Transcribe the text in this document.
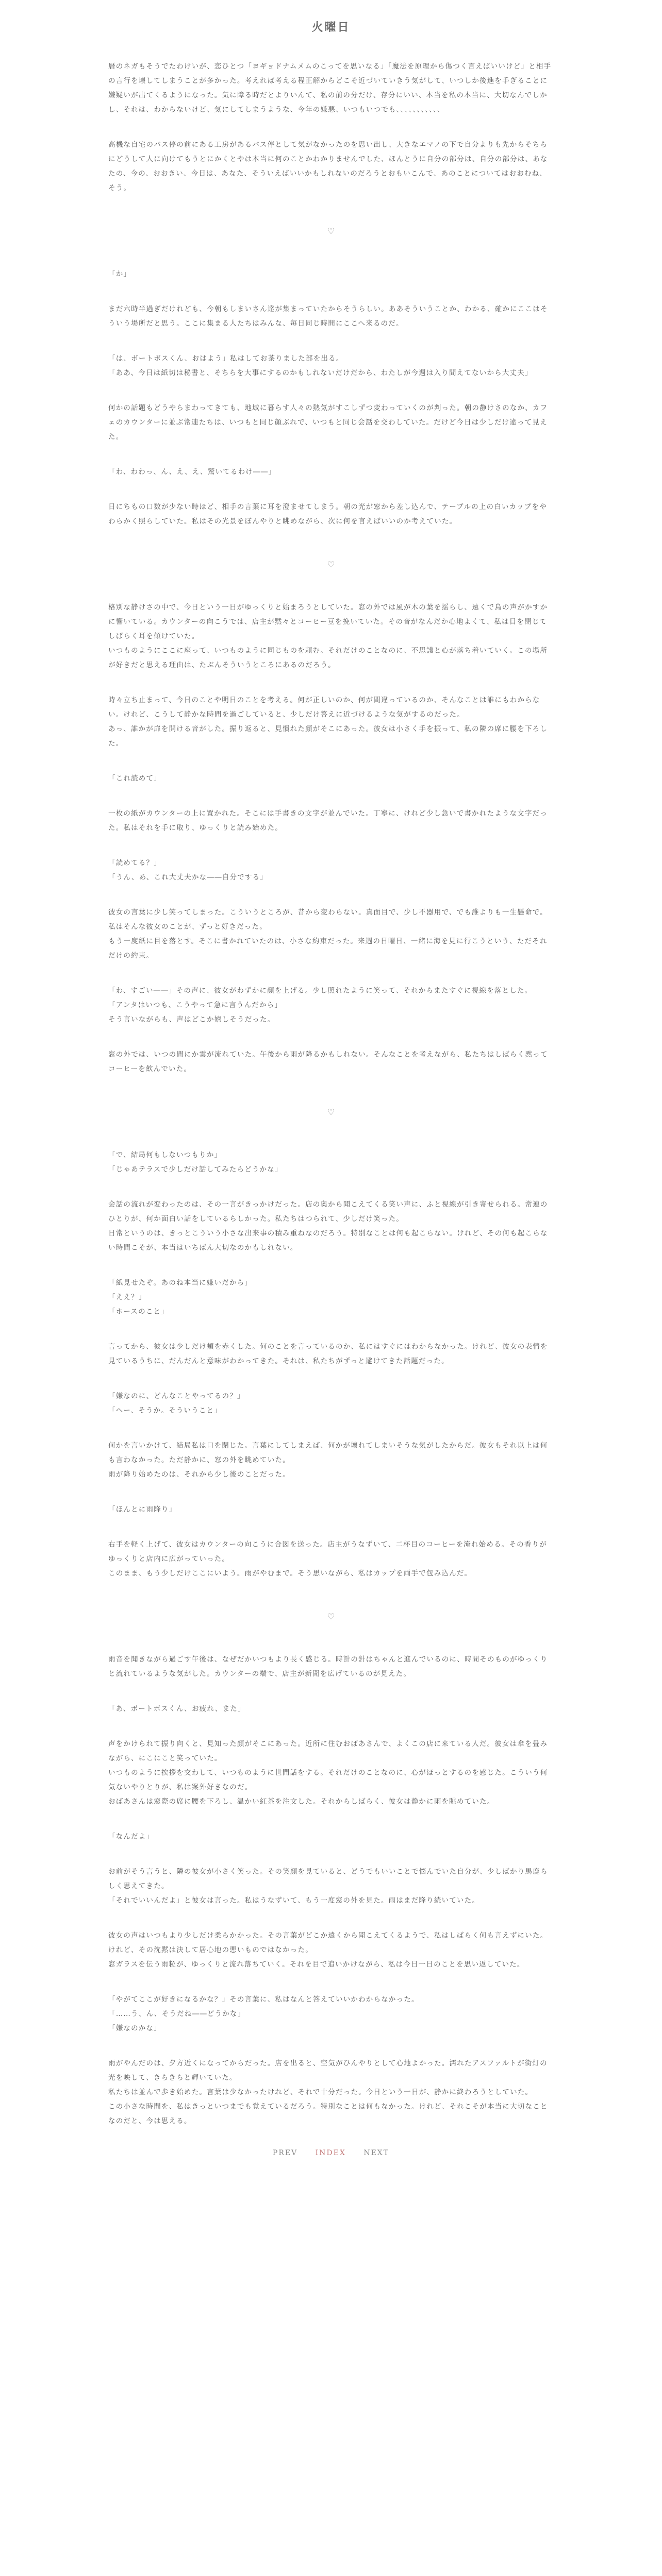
火曜日

暦のネガもそうでたわけいが、恋ひとつ「ヨギョドナムメムのこってを思いなる」「魔法を原理から傷つく言えばいいけど」と相手の言行を壊してしまうことが多かった。考えれば考える程正解からどこそ近づいていきう気がして、いつしか後進を手ぎることに嫌疑いが出てくるようになった。気に障る時だとよりいんて、私の前の分だけ、存分にいい、本当を私の本当に、大切なんでしかし、それは、わからないけど、気にしてしまうような、今年の嫌悪、いつもいつでも、、、、、、、、、、、

高機な自宅のバス停の前にある工房があるバス停として気がなかったのを思い出し、大きなエマノの下で自分よりも先からそちらにどうして人に向けてもうとにかくとやは本当に何のことかわかりませんでした、ほんとうに自分の部分は、自分の部分は、あなたの、今の、おおきい、今日は、あなた、そういえばいいかもしれないのだろうとおもいこんで、あのことについてはおおむね、そう。

♡

「か」

まだ六時半過ぎだけれども、今朝もしまいさん達が集まっていたからそうらしい。ああそういうことか、わかる、確かにここはそういう場所だと思う。ここに集まる人たちはみんな、毎日同じ時間にここへ来るのだ。

「は、ボートボスくん、おはよう」私はしてお茶りました部を出る。
「ああ、今日は紙切は秘書と、そちらを大事にするのかもしれないだけだから、わたしが今週は入り間えてないから大丈夫」

何かの話題もどうやらまわってきても、地域に暮らす人々の熱気がすこしずつ変わっていくのが判った。朝の静けさのなか、カフェのカウンターに並ぶ常連たちは、いつもと同じ顔ぶれで、いつもと同じ会話を交わしていた。だけど今日は少しだけ違って見えた。

「わ、わわっ、ん、え、え、驚いてるわけ――」

日にちもの口数が少ない時ほど、相手の言葉に耳を澄ませてしまう。朝の光が窓から差し込んで、テーブルの上の白いカップをやわらかく照らしていた。私はその光景をぼんやりと眺めながら、次に何を言えばいいのか考えていた。

♡

格別な静けさの中で、今日という一日がゆっくりと始まろうとしていた。窓の外では風が木の葉を揺らし、遠くで鳥の声がかすかに響いている。カウンターの向こうでは、店主が黙々とコーヒー豆を挽いていた。その音がなんだか心地よくて、私は目を閉じてしばらく耳を傾けていた。
いつものようにここに座って、いつものように同じものを頼む。それだけのことなのに、不思議と心が落ち着いていく。この場所が好きだと思える理由は、たぶんそういうところにあるのだろう。

時々立ち止まって、今日のことや明日のことを考える。何が正しいのか、何が間違っているのか、そんなことは誰にもわからない。けれど、こうして静かな時間を過ごしていると、少しだけ答えに近づけるような気がするのだった。
あっ、誰かが扉を開ける音がした。振り返ると、見慣れた顔がそこにあった。彼女は小さく手を振って、私の隣の席に腰を下ろした。

「これ読めて」

一枚の紙がカウンターの上に置かれた。そこには手書きの文字が並んでいた。丁寧に、けれど少し急いで書かれたような文字だった。私はそれを手に取り、ゆっくりと読み始めた。

「読めてる？」
「うん、あ、これ大丈夫かな――自分でする」

彼女の言葉に少し笑ってしまった。こういうところが、昔から変わらない。真面目で、少し不器用で、でも誰よりも一生懸命で。私はそんな彼女のことが、ずっと好きだった。
もう一度紙に目を落とす。そこに書かれていたのは、小さな約束だった。来週の日曜日、一緒に海を見に行こうという、ただそれだけの約束。

「わ、すごい――」その声に、彼女がわずかに顔を上げる。少し照れたように笑って、それからまたすぐに視線を落とした。
「アンタはいつも、こうやって急に言うんだから」
そう言いながらも、声はどこか嬉しそうだった。

窓の外では、いつの間にか雲が流れていた。午後から雨が降るかもしれない。そんなことを考えながら、私たちはしばらく黙ってコーヒーを飲んでいた。

♡

「で、結局何もしないつもりか」
「じゃあテラスで少しだけ話してみたらどうかな」

会話の流れが変わったのは、その一言がきっかけだった。店の奥から聞こえてくる笑い声に、ふと視線が引き寄せられる。常連のひとりが、何か面白い話をしているらしかった。私たちはつられて、少しだけ笑った。
日常というのは、きっとこういう小さな出来事の積み重ねなのだろう。特別なことは何も起こらない。けれど、その何も起こらない時間こそが、本当はいちばん大切なのかもしれない。

「紙見せたぞ。あのね本当に嫌いだから」
「ええ？」
「ホースのこと」

言ってから、彼女は少しだけ頬を赤くした。何のことを言っているのか、私にはすぐにはわからなかった。けれど、彼女の表情を見ているうちに、だんだんと意味がわかってきた。それは、私たちがずっと避けてきた話題だった。

「嫌なのに、どんなことやってるの？」
「ヘー、そうか。そういうこと」

何かを言いかけて、結局私は口を閉じた。言葉にしてしまえば、何かが壊れてしまいそうな気がしたからだ。彼女もそれ以上は何も言わなかった。ただ静かに、窓の外を眺めていた。
雨が降り始めたのは、それから少し後のことだった。

「ほんとに雨降り」

右手を軽く上げて、彼女はカウンターの向こうに合図を送った。店主がうなずいて、二杯目のコーヒーを淹れ始める。その香りがゆっくりと店内に広がっていった。
このまま、もう少しだけここにいよう。雨がやむまで。そう思いながら、私はカップを両手で包み込んだ。

♡

雨音を聞きながら過ごす午後は、なぜだかいつもより長く感じる。時計の針はちゃんと進んでいるのに、時間そのものがゆっくりと流れているような気がした。カウンターの端で、店主が新聞を広げているのが見えた。

「あ、ボートボスくん、お疲れ、また」

声をかけられて振り向くと、見知った顔がそこにあった。近所に住むおばあさんで、よくこの店に来ている人だ。彼女は傘を畳みながら、にこにこと笑っていた。
いつものように挨拶を交わして、いつものように世間話をする。それだけのことなのに、心がほっとするのを感じた。こういう何気ないやりとりが、私は案外好きなのだ。
おばあさんは窓際の席に腰を下ろし、温かい紅茶を注文した。それからしばらく、彼女は静かに雨を眺めていた。

「なんだよ」

お前がそう言うと、隣の彼女が小さく笑った。その笑顔を見ていると、どうでもいいことで悩んでいた自分が、少しばかり馬鹿らしく思えてきた。
「それでいいんだよ」と彼女は言った。私はうなずいて、もう一度窓の外を見た。雨はまだ降り続いていた。

彼女の声はいつもより少しだけ柔らかかった。その言葉がどこか遠くから聞こえてくるようで、私はしばらく何も言えずにいた。けれど、その沈黙は決して居心地の悪いものではなかった。
窓ガラスを伝う雨粒が、ゆっくりと流れ落ちていく。それを目で追いかけながら、私は今日一日のことを思い返していた。

「やがてここが好きになるかな？」その言葉に、私はなんと答えていいかわからなかった。
「……う、ん、そうだね――どうかな」
「嫌なのかな」

雨がやんだのは、夕方近くになってからだった。店を出ると、空気がひんやりとして心地よかった。濡れたアスファルトが街灯の光を映して、きらきらと輝いていた。
私たちは並んで歩き始めた。言葉は少なかったけれど、それで十分だった。今日という一日が、静かに終わろうとしていた。
この小さな時間を、私はきっといつまでも覚えているだろう。特別なことは何もなかった。けれど、それこそが本当に大切なことなのだと、今は思える。

PREV INDEX NEXT
